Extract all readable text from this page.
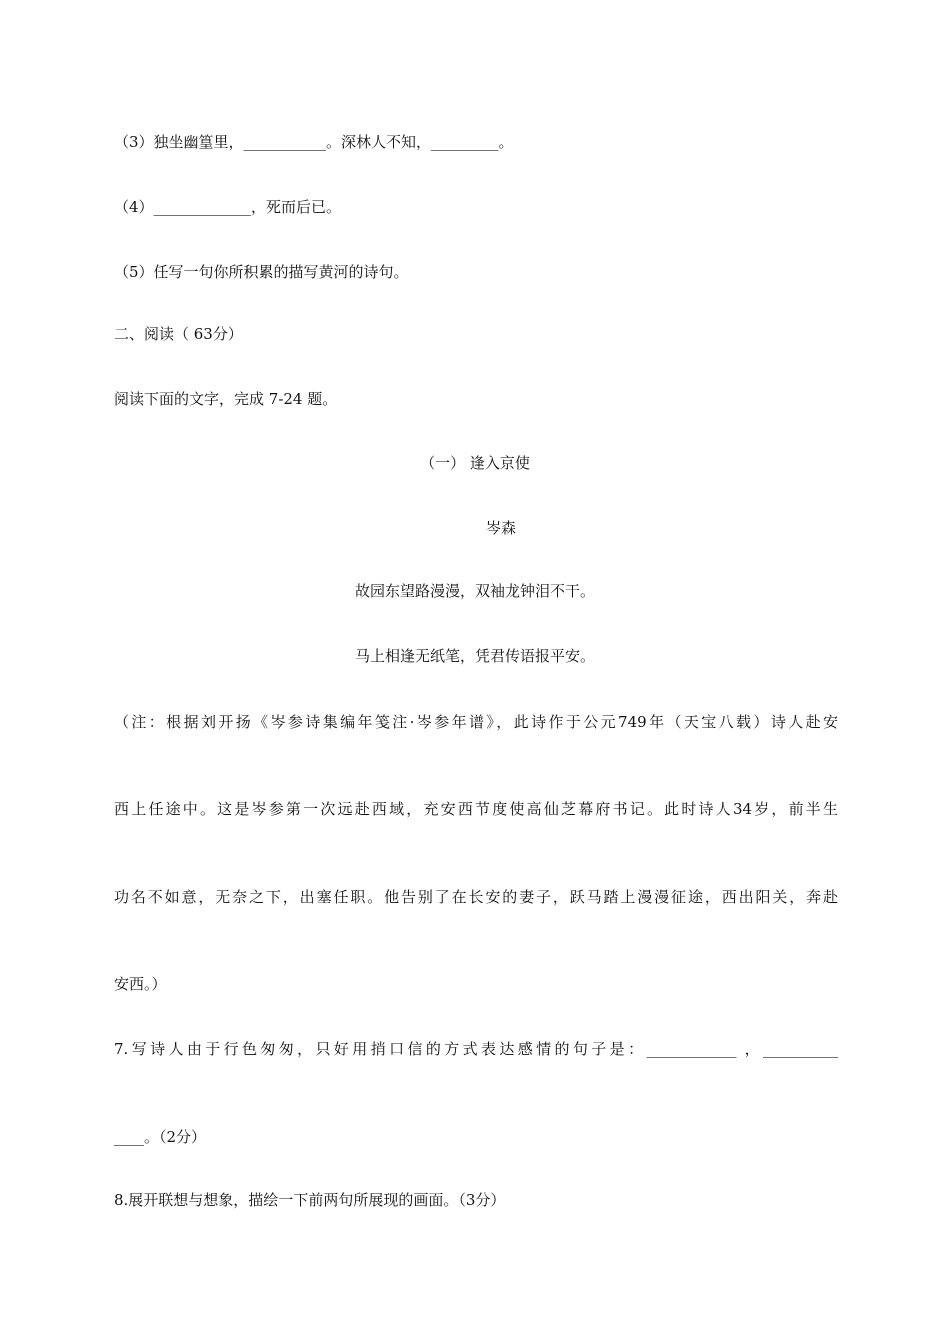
（3）独坐幽篁里，___________。深林人不知，_________。
（4）_____________，死而后已。
（5）任写一句你所积累的描写黄河的诗句。
二、阅读（ 63分）
阅读下面的文字，完成 7-24 题。
（一） 逢入京使
岑森
故园东望路漫漫，双袖龙钟泪不干。
马上相逢无纸笔，凭君传语报平安。
（注：根据刘开扬《岑参诗集编年笺注·岑参年谱》，此诗作于公元749年（天宝八载）诗人赴安
西上任途中。这是岑参第一次远赴西域，充安西节度使高仙芝幕府书记。此时诗人34岁，前半生
功名不如意，无奈之下，出塞任职。他告别了在长安的妻子，跃马踏上漫漫征途，西出阳关，奔赴
安西。）
7.写诗人由于行色匆匆，只好用捎口信的方式表达感情的句子是：____________ ，__________
____。（2分）
8.展开联想与想象，描绘一下前两句所展现的画面。（3分）
